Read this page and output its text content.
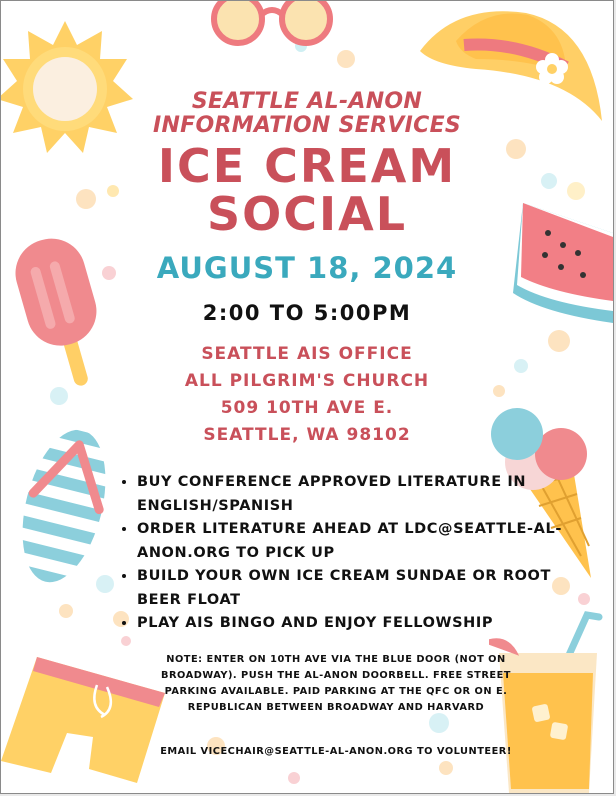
SEATTLE AL-ANON

INFORMATION SERVICES

ICE CREAM
SOCIAL

AUGUST 18, 2024

2:00 TO 5:00PM

SEATTLE AIS OFFICE

ALL PILGRIM'S CHURCH

509 10TH AVE E.

SEATTLE, WA 98102

• BUY CONFERENCE APPROVED LITERATURE IN ENGLISH/SPANISH
• ORDER LITERATURE AHEAD AT LDC@SEATTLE-AL-ANON.ORG TO PICK UP
• BUILD YOUR OWN ICE CREAM SUNDAE OR ROOT BEER FLOAT
• PLAY AIS BINGO AND ENJOY FELLOWSHIP

NOTE: ENTER ON 10TH AVE VIA THE BLUE DOOR (NOT ON BROADWAY). PUSH THE AL-ANON DOORBELL. FREE STREET PARKING AVAILABLE. PAID PARKING AT THE QFC OR ON E. REPUBLICAN BETWEEN BROADWAY AND HARVARD

EMAIL VICECHAIR@SEATTLE-AL-ANON.ORG TO VOLUNTEER!
